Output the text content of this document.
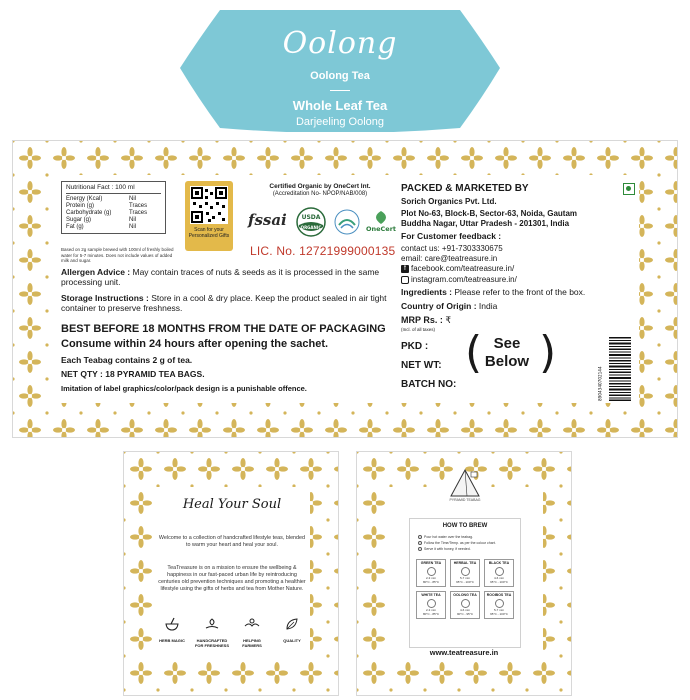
Oolong
Oolong Tea
Whole Leaf Tea
Darjeeling Oolong
Nutritional Fact : 100 ml
Energy (Kcal)	Nil
Protein (g)	Traces
Carbohydrate (g)	Traces
Sugar (g)	Nil
Fat (g)	Nil
Based on 2g sample brewed with 100ml of freshly boiled water for 5-7 minutes. Does not include values of added milk and sugar.
Scan for your Personalized Gifts
Certified Organic by OneCert Int.
(Accreditation No- NPOP/NAB/008)
fssai USDA
ORGANIC	OneCert
LIC. No. 12721999000135
Allergen Advice : May contain traces of nuts & seeds as it is processed in the same processing unit.
Storage Instructions : Store in a cool & dry place. Keep the product sealed in air tight container to preserve freshness.
BEST BEFORE 18 MONTHS FROM THE DATE OF PACKAGING
Consume within 24 hours after opening the sachet.
Each Teabag contains 2 g of tea.
NET QTY : 18 PYRAMID TEA BAGS.
Imitation of label graphics/color/pack design is a punishable offence.
PACKED & MARKETED BY
Sorich Organics Pvt. Ltd.
Plot No-63, Block-B, Sector-63, Noida, Gautam
Buddha Nagar, Uttar Pradesh - 201301, India
For Customer feedback :
contact us: +91-7303330675
email: care@teatreasure.in
f facebook.com/teatreasure.in/
instagram.com/teatreasure.in/
Ingredients : Please refer to the front of the box.
Country of Origin : India
MRP Rs. : ₹
(Incl. of all taxes)
PKD :
NET WT:
BATCH NO:
( See
Below )
8904340702144
Heal Your Soul
Welcome to a collection of handcrafted lifestyle teas, blended to warm your heart and heal your soul.
TeaTreasure is on a mission to ensure the wellbeing & happiness in our fast-paced urban life by reintroducing centuries old prevention techniques and promoting a healthier lifestyle using the gifts of herbs and tea from Mother Nature.
HERB MAGIC	HANDCRAFTED FOR FRESHNESS
HELPING FARMERS
QUALITY
PYRAMID TEABAG
HOW TO BREW
Pour hot water over the teabag.
Follow the Time/Temp. as per the colour chart.
Serve it with honey, if needed.
GREEN TEA
2-3 min
80°C - 85°C
HERBAL TEA
5-7 min
95°C - 100°C
BLACK TEA
4-6 min
95°C - 100°C
WHITE TEA
2-3 min
80°C - 85°C
OOLONG TEA
4-6 min
90°C - 95°C
ROOIBOS TEA
5-7 min
95°C - 100°C
www.teatreasure.in
